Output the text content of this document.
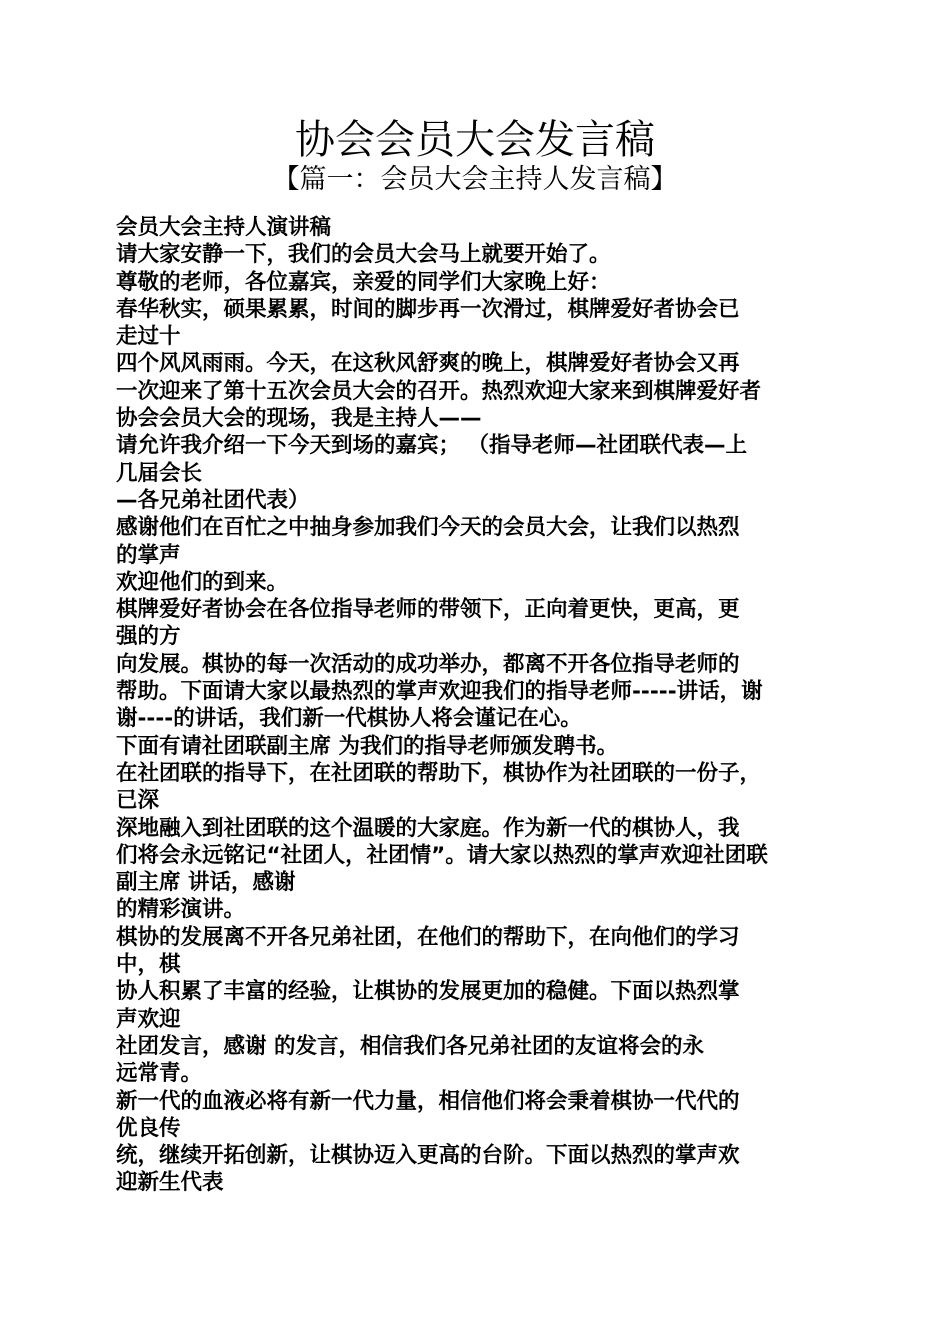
协会会员大会发言稿
【篇一：会员大会主持人发言稿】
会员大会主持人演讲稿
请大家安静一下，我们的会员大会马上就要开始了。
尊敬的老师，各位嘉宾，亲爱的同学们大家晚上好：
春华秋实，硕果累累，时间的脚步再一次滑过，棋牌爱好者协会已
走过十
四个风风雨雨。今天，在这秋风舒爽的晚上，棋牌爱好者协会又再
一次迎来了第十五次会员大会的召开。热烈欢迎大家来到棋牌爱好者
协会会员大会的现场，我是主持人——
请允许我介绍一下今天到场的嘉宾； （指导老师—社团联代表—上
几届会长
—各兄弟社团代表）
感谢他们在百忙之中抽身参加我们今天的会员大会，让我们以热烈
的掌声
欢迎他们的到来。
棋牌爱好者协会在各位指导老师的带领下，正向着更快，更高，更
强的方
向发展。棋协的每一次活动的成功举办，都离不开各位指导老师的
帮助。下面请大家以最热烈的掌声欢迎我们的指导老师-----讲话，谢
谢----的讲话，我们新一代棋协人将会谨记在心。
下面有请社团联副主席 为我们的指导老师颁发聘书。
在社团联的指导下，在社团联的帮助下，棋协作为社团联的一份子，
已深
深地融入到社团联的这个温暖的大家庭。作为新一代的棋协人，我
们将会永远铭记“社团人，社团情”。请大家以热烈的掌声欢迎社团联
副主席 讲话，感谢
的精彩演讲。
棋协的发展离不开各兄弟社团，在他们的帮助下，在向他们的学习
中，棋
协人积累了丰富的经验，让棋协的发展更加的稳健。下面以热烈掌
声欢迎
社团发言，感谢 的发言，相信我们各兄弟社团的友谊将会的永
远常青。
新一代的血液必将有新一代力量，相信他们将会秉着棋协一代代的
优良传
统，继续开拓创新，让棋协迈入更高的台阶。下面以热烈的掌声欢
迎新生代表
